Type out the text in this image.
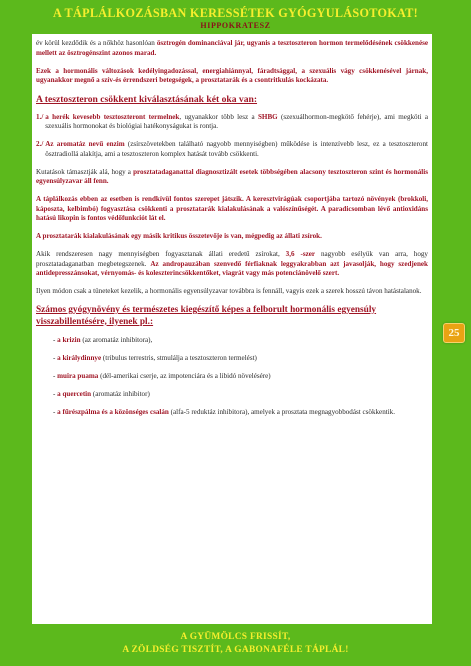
A TÁPLÁLKOZÁSBAN KERESSÉTEK GYÓGYULÁSOTOKAT!
HIPPOKRATESZ

év körül kezdődik és a nőkhöz hasonlóan ösztrogén dominanciával jár, ugyanis a tesztoszteron hormon termelődésének csökkenése mellett az ösztrogénszint azonos marad.

Ezek a hormonális változások kedélyingadozással, energiahiánnyal, fáradtsággal, a szexuális vágy csökkenésével járnak, ugyanakkor megnő a szív-és érrendszeri betegségek, a prosztatarák és a csontritkulás kockázata.

A tesztoszteron csökkent kiválasztásának két oka van:
1./ a herék kevesebb tesztoszteront termelnek, ugyanakkor több lesz a SHBG (szexuálhormon-megkötő fehérje), ami megköti a szexuális hormonokat és biológiai hatékonyságukat is rontja.
2./ Az aromatáz nevű enzim (zsírszövetekben található nagyobb mennyiségben) működése is intenzívebb lesz, ez a tesztoszteront ösztradiollá alakítja, ami a tesztoszteron komplex hatását tovább csökkenti.

Kutatások támasztják alá, hogy a prosztatadaganattal diagnosztizált esetek többségében alacsony tesztoszteron szint és hormonális egyensúlyzavar áll fenn.

A táplálkozás ebben az esetben is rendkívül fontos szerepet játszik. A keresztvirágúak csoportjába tartozó növények (brokkoli, káposzta, kelbimbó) fogyasztása csökkenti a prosztatarák kialakulásának a valószínűségét. A paradicsomban lévő antioxidáns hatású likopin is fontos védőfunkciót lát el.

A prosztatarák kialakulásának egy másik kritikus összetevője is van, mégpedig az állati zsírok.

Akik rendszeresen nagy mennyiségben fogyasztanak állati eredetű zsírokat, 3,6 -szer nagyobb esélyük van arra, hogy prosztatadaganatban megbetegszenek. Az andropauzában szenvedő férfiaknak leggyakrabban azt javasolják, hogy szedjenek antidepresszánsokat, vérnyomás- és koleszterincsökkentőket, viagrát vagy más potenciánövelő szert.

Ilyen módon csak a tüneteket kezelik, a hormonális egyensúlyzavar továbbra is fennáll, vagyis ezek a szerek hosszú távon hatástalanok.

Számos gyógynövény és természetes kiegészítő képes a felborult hormonális egyensúly visszabillentésére, ilyenek pl.:
- a krizin (az aromatáz inhibitora),
- a királydinnye (tribulus terrestris, stmulálja a tesztoszteron termelést)
- muira puama (dél-amerikai cserje, az impotenciára és a libidó növelésére)
- a quercetin (aromatáz inhibitor)
- a fűrészpálma és a közönséges csalán (alfa-5 reduktáz inhibitora), amelyek a prosztata megnagyobbodást csökkentik.
25
A GYÜMÖLCS FRISSÍT,
A ZÖLDSÉG TISZTÍT, A GABONAFÉLE TÁPLÁL!
